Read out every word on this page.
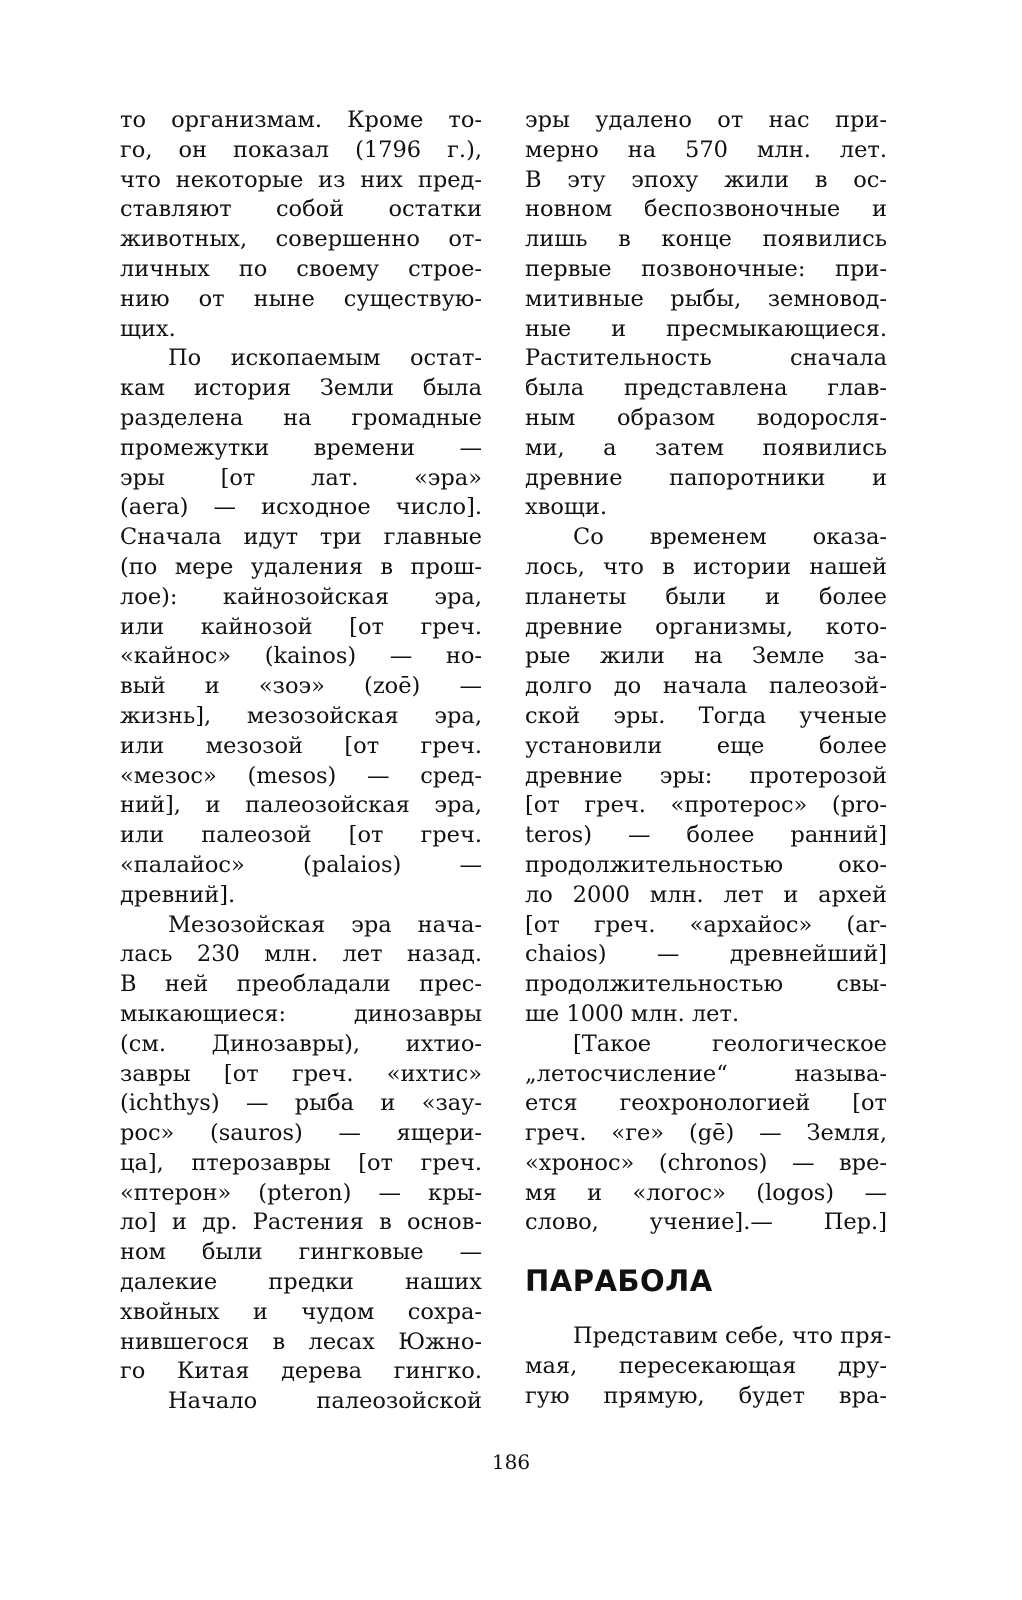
то организмам. Кроме то-
го, он показал (1796 г.),
что некоторые из них пред-
ставляют собой остатки
животных, совершенно от-
личных по своему строе-
нию от ныне существую-
щих.
По ископаемым остат-
кам история Земли была
разделена на громадные
промежутки времени —
эры [от лат. «эра»
(aera) — исходное число].
Сначала идут три главные
(по мере удаления в прош-
лое): кайнозойская эра,
или кайнозой [от греч.
«кайнос» (kainos) — но-
вый и «зоэ» (zoē) —
жизнь], мезозойская эра,
или мезозой [от греч.
«мезос» (mesos) — сред-
ний], и палеозойская эра,
или палеозой [от греч.
«палайос» (palaios) —
древний].
Мезозойская эра нача-
лась 230 млн. лет назад.
В ней преобладали прес-
мыкающиеся: динозавры
(см. Динозавры), ихтио-
завры [от греч. «ихтис»
(ichthys) — рыба и «зау-
рос» (sauros) — ящери-
ца], птерозавры [от греч.
«птерон» (pteron) — кры-
ло] и др. Растения в основ-
ном были гингковые —
далекие предки наших
хвойных и чудом сохра-
нившегося в лесах Южно-
го Китая дерева гингко.
Начало палеозойской
эры удалено от нас при-
мерно на 570 млн. лет.
В эту эпоху жили в ос-
новном беспозвоночные и
лишь в конце появились
первые позвоночные: при-
митивные рыбы, земновод-
ные и пресмыкающиеся.
Растительность сначала
была представлена глав-
ным образом водоросля-
ми, а затем появились
древние папоротники и
хвощи.
Со временем оказа-
лось, что в истории нашей
планеты были и более
древние организмы, кото-
рые жили на Земле за-
долго до начала палеозой-
ской эры. Тогда ученые
установили еще более
древние эры: протерозой
[от греч. «протерос» (pro-
teros) — более ранний]
продолжительностью око-
ло 2000 млн. лет и архей
[от греч. «архайос» (ar-
chaios) — древнейший]
продолжительностью свы-
ше 1000 млн. лет.
[Такое геологическое
„летосчисление“ называ-
ется геохронологией [от
греч. «ге» (gē) — Земля,
«хронос» (chronos) — вре-
мя и «логос» (logos) —
слово, учение].— Пер.]
ПАРАБОЛА
Представим себе, что пря-
мая, пересекающая дру-
гую прямую, будет вра-
186
